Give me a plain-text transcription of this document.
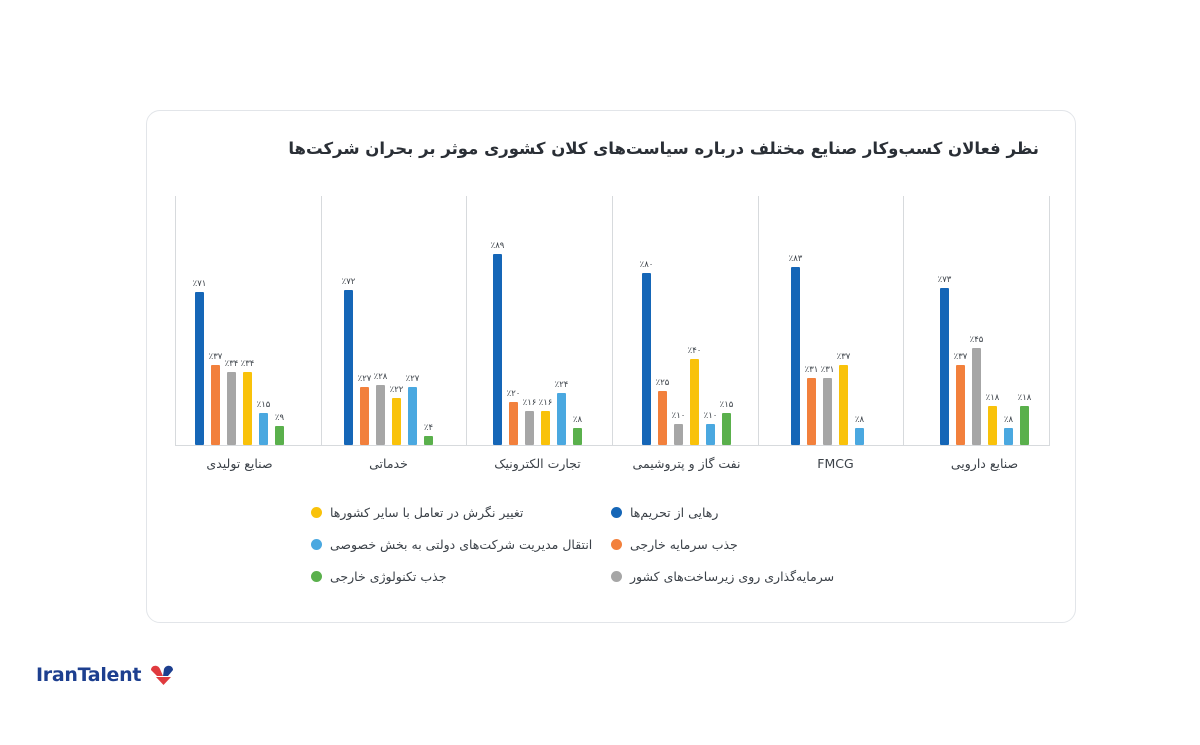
نظر فعالان کسب‌وکار صنایع مختلف درباره سیاست‌های کلان کشوری موثر بر بحران شرکت‌ها
٪۷۱
٪۳۷
٪۳۴ ٪۳۴
٪۱۵
٪۹
٪۷۲
٪۲۷ ٪۲۸
٪۲۲
٪۲۷
٪۴
٪۸۹
٪۲۰
٪۱۶ ٪۱۶
٪۲۴
٪۸
٪۸۰
٪۲۵
٪۱۰
٪۴۰
٪۱۰
٪۱۵
٪۸۳
٪۳۱ ٪۳۱
٪۳۷
٪۸
٪۷۳
٪۳۷
٪۴۵
٪۱۸
٪۸
٪۱۸
صنایع تولیدی	خدماتی	تجارت الکترونیک	نفت گاز و پتروشیمی	FMCG	صنایع دارویی
رهایی از تحریم‌ها
تغییر نگرش در تعامل با سایر کشورها
جذب سرمایه خارجی
انتقال مدیریت شرکت‌های دولتی به بخش خصوصی
سرمایه‌گذاری روی زیرساخت‌های کشور
جذب تکنولوژی خارجی
IranTalent
